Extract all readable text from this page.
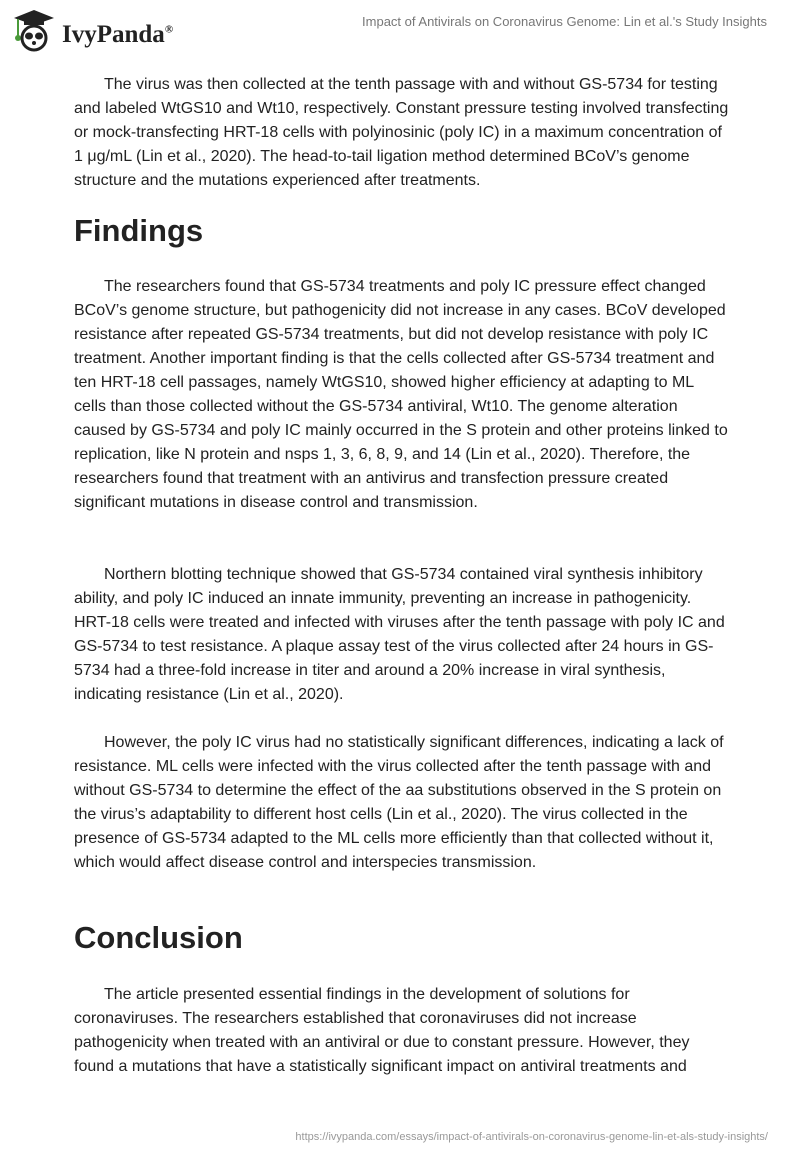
IvyPanda®
Impact of Antivirals on Coronavirus Genome: Lin et al.'s Study Insights

The virus was then collected at the tenth passage with and without GS-5734 for testing and labeled WtGS10 and Wt10, respectively. Constant pressure testing involved transfecting or mock-transfecting HRT-18 cells with polyinosinic (poly IC) in a maximum concentration of 1 μg/mL (Lin et al., 2020). The head-to-tail ligation method determined BCoV’s genome structure and the mutations experienced after treatments.

Findings

The researchers found that GS-5734 treatments and poly IC pressure effect changed BCoV’s genome structure, but pathogenicity did not increase in any cases. BCoV developed resistance after repeated GS-5734 treatments, but did not develop resistance with poly IC treatment. Another important finding is that the cells collected after GS-5734 treatment and ten HRT-18 cell passages, namely WtGS10, showed higher efficiency at adapting to ML cells than those collected without the GS-5734 antiviral, Wt10. The genome alteration caused by GS-5734 and poly IC mainly occurred in the S protein and other proteins linked to replication, like N protein and nsps 1, 3, 6, 8, 9, and 14 (Lin et al., 2020). Therefore, the researchers found that treatment with an antivirus and transfection pressure created significant mutations in disease control and transmission.

Northern blotting technique showed that GS-5734 contained viral synthesis inhibitory ability, and poly IC induced an innate immunity, preventing an increase in pathogenicity. HRT-18 cells were treated and infected with viruses after the tenth passage with poly IC and GS-5734 to test resistance. A plaque assay test of the virus collected after 24 hours in GS-5734 had a three-fold increase in titer and around a 20% increase in viral synthesis, indicating resistance (Lin et al., 2020).

However, the poly IC virus had no statistically significant differences, indicating a lack of resistance. ML cells were infected with the virus collected after the tenth passage with and without GS-5734 to determine the effect of the aa substitutions observed in the S protein on the virus’s adaptability to different host cells (Lin et al., 2020). The virus collected in the presence of GS-5734 adapted to the ML cells more efficiently than that collected without it, which would affect disease control and interspecies transmission.

Conclusion

The article presented essential findings in the development of solutions for coronaviruses. The researchers established that coronaviruses did not increase pathogenicity when treated with an antiviral or due to constant pressure. However, they found a mutations that have a statistically significant impact on antiviral treatments and

https://ivypanda.com/essays/impact-of-antivirals-on-coronavirus-genome-lin-et-als-study-insights/
